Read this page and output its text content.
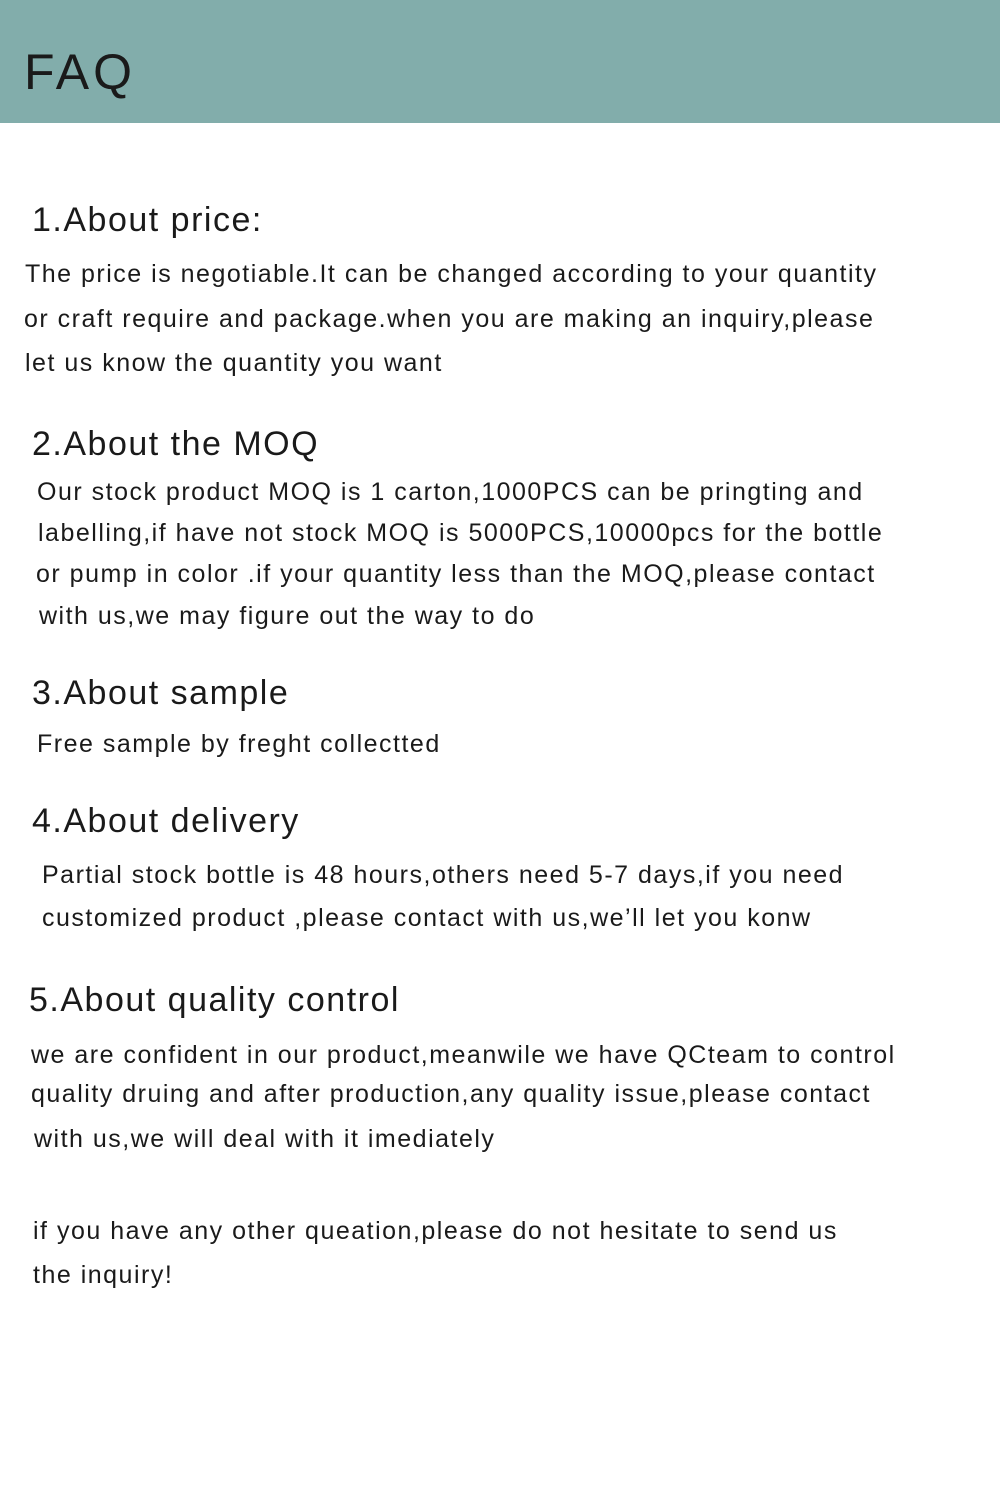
FAQ
1.About price:

The price is negotiable.It can be changed according to your quantity

or craft require and package.when you are making an inquiry,please

let us know the quantity you want

2.About the MOQ

Our stock product MOQ is 1 carton,1000PCS can be pringting and

labelling,if have not stock MOQ is 5000PCS,10000pcs for the bottle

or pump in color .if your quantity less than the MOQ,please contact

with us,we may figure out the way to do

3.About sample

Free sample by freght collectted

4.About delivery

Partial stock bottle is 48 hours,others need 5-7 days,if you need

customized product ,please contact with us,we’ll let you konw

5.About quality control

we are confident in our product,meanwile we have QCteam to control

quality druing and after production,any quality issue,please contact

with us,we will deal with it imediately

if you have any other queation,please do not hesitate to send us

the inquiry!
